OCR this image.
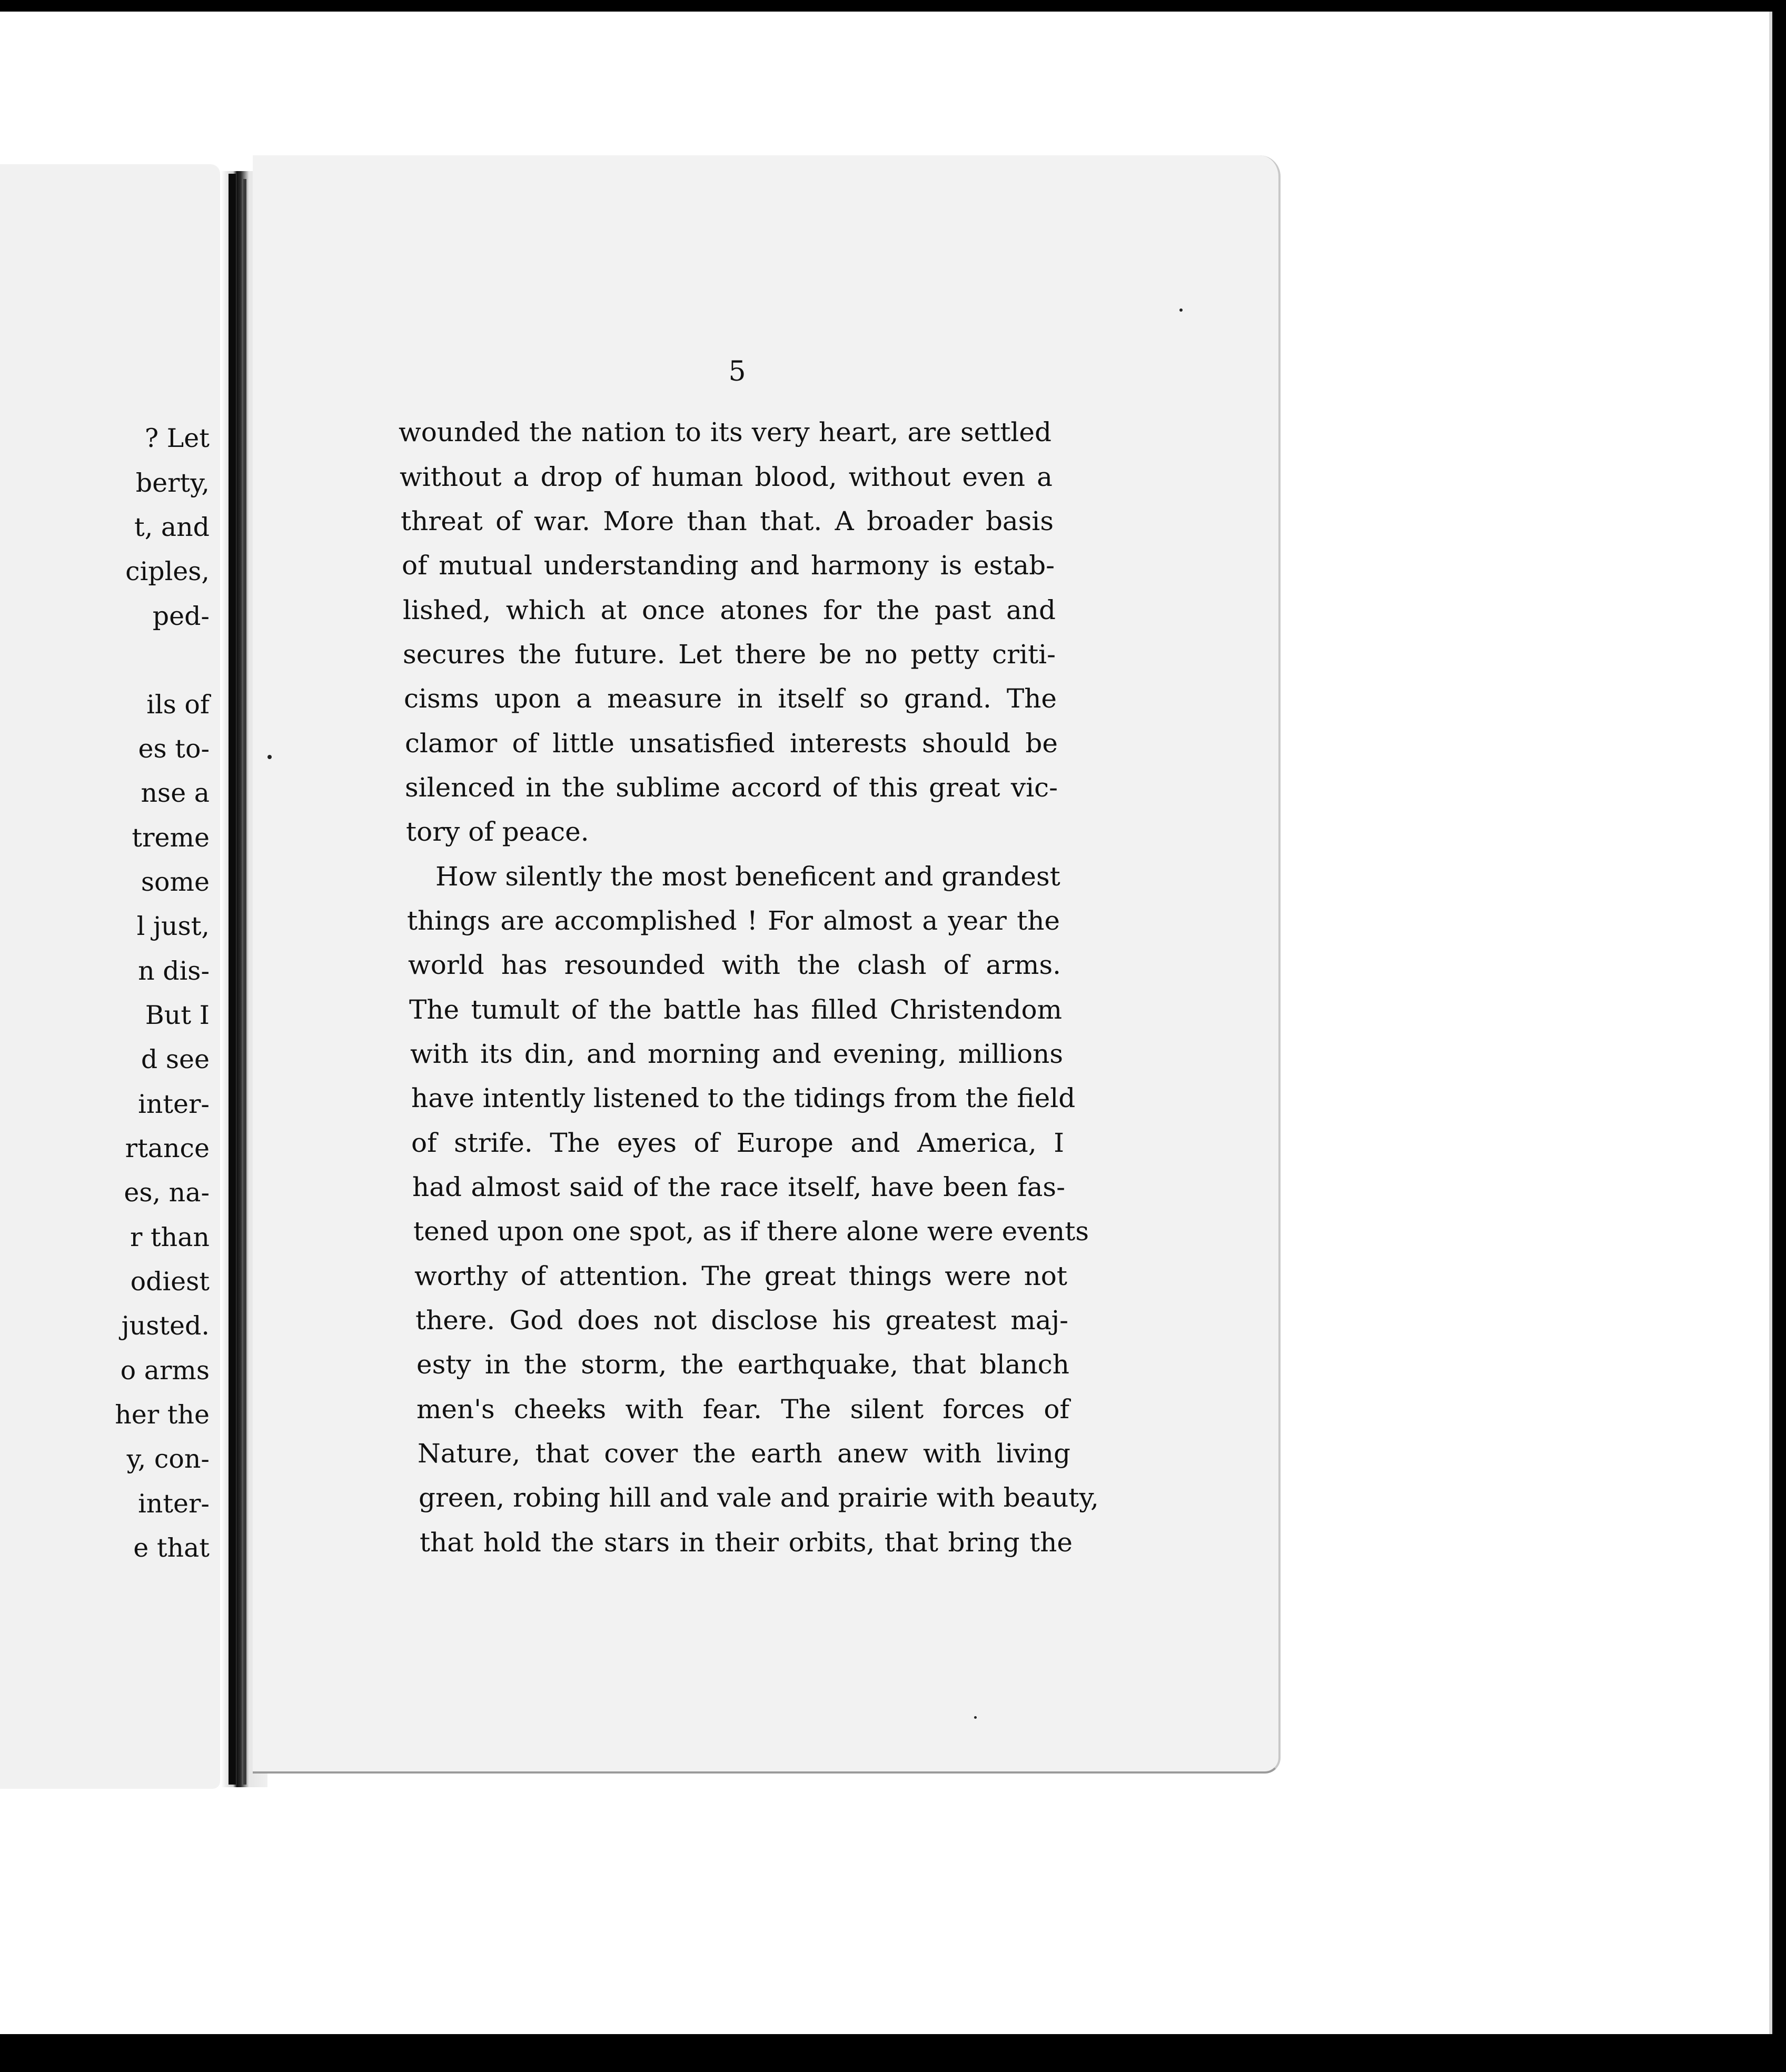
? Let
berty,
t, and
ciples,
ped-
ils of
es to-
nse a
treme
some
l just,
n dis-
But I
d see
inter-
rtance
es, na-
r than
odiest
justed.
o arms
her the
y, con-
inter-
e that
5
wounded the nation to its very heart, are settled
without a drop of human blood, without even a
threat of war. More than that. A broader basis
of mutual understanding and harmony is estab-
lished, which at once atones for the past and
secures the future. Let there be no petty criti-
cisms upon a measure in itself so grand. The
clamor of little unsatisfied interests should be
silenced in the sublime accord of this great vic-
tory of peace.
How silently the most beneficent and grandest
things are accomplished ! For almost a year the
world has resounded with the clash of arms.
The tumult of the battle has filled Christendom
with its din, and morning and evening, millions
have intently listened to the tidings from the field
of strife. The eyes of Europe and America, I
had almost said of the race itself, have been fas-
tened upon one spot, as if there alone were events
worthy of attention. The great things were not
there. God does not disclose his greatest maj-
esty in the storm, the earthquake, that blanch
men's cheeks with fear. The silent forces of
Nature, that cover the earth anew with living
green, robing hill and vale and prairie with beauty,
that hold the stars in their orbits, that bring the
